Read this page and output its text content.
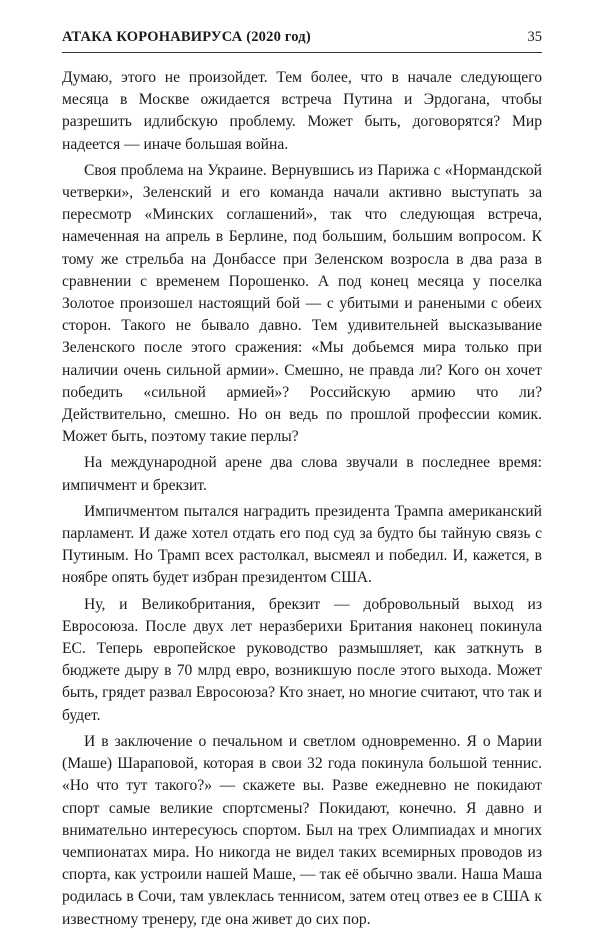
АТАКА КОРОНАВИРУСА (2020 год)	35

Думаю, этого не произойдет. Тем более, что в начале следующего месяца в Москве ожидается встреча Путина и Эрдогана, чтобы разрешить идлибскую проблему. Может быть, договорятся? Мир надеется — иначе большая война.

Своя проблема на Украине. Вернувшись из Парижа с «Нормандской четверки», Зеленский и его команда начали активно выступать за пересмотр «Минских соглашений», так что следующая встреча, намеченная на апрель в Берлине, под большим, большим вопросом. К тому же стрельба на Донбассе при Зеленском возросла в два раза в сравнении с временем Порошенко. А под конец месяца у поселка Золотое произошел настоящий бой — с убитыми и ранеными с обеих сторон. Такого не бывало давно. Тем удивительней высказывание Зеленского после этого сражения: «Мы добьемся мира только при наличии очень сильной армии». Смешно, не правда ли? Кого он хочет победить «сильной армией»? Российскую армию что ли? Действительно, смешно. Но он ведь по прошлой профессии комик. Может быть, поэтому такие перлы?

На международной арене два слова звучали в последнее время: импичмент и брекзит.

Импичментом пытался наградить президента Трампа американский парламент. И даже хотел отдать его под суд за будто бы тайную связь с Путиным. Но Трамп всех растолкал, высмеял и победил. И, кажется, в ноябре опять будет избран президентом США.

Ну, и Великобритания, брекзит — добровольный выход из Евросоюза. После двух лет неразберихи Британия наконец покинула ЕС. Теперь европейское руководство размышляет, как заткнуть в бюджете дыру в 70 млрд евро, возникшую после этого выхода. Может быть, грядет развал Евросоюза? Кто знает, но многие считают, что так и будет.

И в заключение о печальном и светлом одновременно. Я о Марии (Маше) Шараповой, которая в свои 32 года покинула большой теннис. «Но что тут такого?» — скажете вы. Разве ежедневно не покидают спорт самые великие спортсмены? Покидают, конечно. Я давно и внимательно интересуюсь спортом. Был на трех Олимпиадах и многих чемпионатах мира. Но никогда не видел таких всемирных проводов из спорта, как устроили нашей Маше, — так её обычно звали. Наша Маша родилась в Сочи, там увлеклась теннисом, затем отец отвез ее в США к известному тренеру, где она живет до сих пор.
